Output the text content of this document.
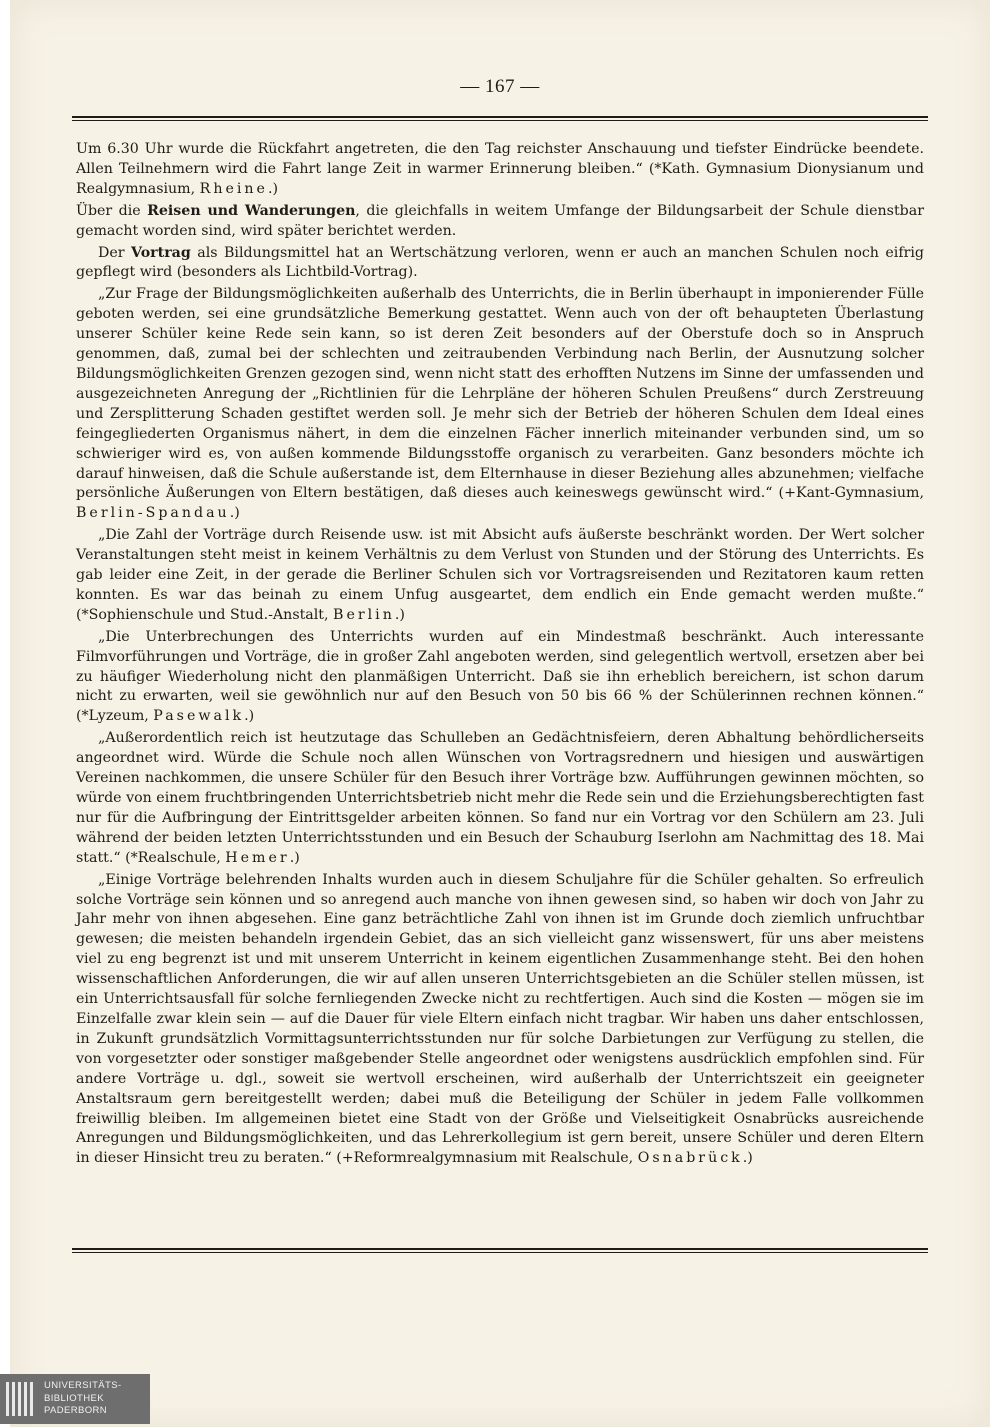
— 167 —

Um 6.30 Uhr wurde die Rückfahrt angetreten, die den Tag reichster Anschauung und tiefster Eindrücke beendete. Allen Teilnehmern wird die Fahrt lange Zeit in warmer Erinnerung bleiben.“ (*Kath. Gymnasium Dionysianum und Realgymnasium, Rheine.)

Über die Reisen und Wanderungen, die gleichfalls in weitem Umfange der Bildungsarbeit der Schule dienstbar gemacht worden sind, wird später berichtet werden.

Der Vortrag als Bildungsmittel hat an Wertschätzung verloren, wenn er auch an manchen Schulen noch eifrig gepflegt wird (besonders als Lichtbild-Vortrag).

„Zur Frage der Bildungsmöglichkeiten außerhalb des Unterrichts, die in Berlin überhaupt in imponierender Fülle geboten werden, sei eine grundsätzliche Bemerkung gestattet. Wenn auch von der oft behaupteten Überlastung unserer Schüler keine Rede sein kann, so ist deren Zeit besonders auf der Oberstufe doch so in Anspruch genommen, daß, zumal bei der schlechten und zeitraubenden Verbindung nach Berlin, der Ausnutzung solcher Bildungsmöglichkeiten Grenzen gezogen sind, wenn nicht statt des erhofften Nutzens im Sinne der umfassenden und ausgezeichneten Anregung der „Richtlinien für die Lehrpläne der höheren Schulen Preußens“ durch Zerstreuung und Zersplitterung Schaden gestiftet werden soll. Je mehr sich der Betrieb der höheren Schulen dem Ideal eines feingegliederten Organismus nähert, in dem die einzelnen Fächer innerlich miteinander verbunden sind, um so schwieriger wird es, von außen kommende Bildungsstoffe organisch zu verarbeiten. Ganz besonders möchte ich darauf hinweisen, daß die Schule außerstande ist, dem Elternhause in dieser Beziehung alles abzunehmen; vielfache persönliche Äußerungen von Eltern bestätigen, daß dieses auch keineswegs gewünscht wird.“ (+Kant-Gymnasium, Berlin-Spandau.)

„Die Zahl der Vorträge durch Reisende usw. ist mit Absicht aufs äußerste beschränkt worden. Der Wert solcher Veranstaltungen steht meist in keinem Verhältnis zu dem Verlust von Stunden und der Störung des Unterrichts. Es gab leider eine Zeit, in der gerade die Berliner Schulen sich vor Vortragsreisenden und Rezitatoren kaum retten konnten. Es war das beinah zu einem Unfug ausgeartet, dem endlich ein Ende gemacht werden mußte.“ (*Sophienschule und Stud.-Anstalt, Berlin.)

„Die Unterbrechungen des Unterrichts wurden auf ein Mindestmaß beschränkt. Auch interessante Filmvorführungen und Vorträge, die in großer Zahl angeboten werden, sind gelegentlich wertvoll, ersetzen aber bei zu häufiger Wiederholung nicht den planmäßigen Unterricht. Daß sie ihn erheblich bereichern, ist schon darum nicht zu erwarten, weil sie gewöhnlich nur auf den Besuch von 50 bis 66 % der Schülerinnen rechnen können.“ (*Lyzeum, Pasewalk.)

„Außerordentlich reich ist heutzutage das Schulleben an Gedächtnisfeiern, deren Abhaltung behördlicherseits angeordnet wird. Würde die Schule noch allen Wünschen von Vortragsrednern und hiesigen und auswärtigen Vereinen nachkommen, die unsere Schüler für den Besuch ihrer Vorträge bzw. Aufführungen gewinnen möchten, so würde von einem fruchtbringenden Unterrichtsbetrieb nicht mehr die Rede sein und die Erziehungsberechtigten fast nur für die Aufbringung der Eintrittsgelder arbeiten können. So fand nur ein Vortrag vor den Schülern am 23. Juli während der beiden letzten Unterrichtsstunden und ein Besuch der Schauburg Iserlohn am Nachmittag des 18. Mai statt.“ (*Realschule, Hemer.)

„Einige Vorträge belehrenden Inhalts wurden auch in diesem Schuljahre für die Schüler gehalten. So erfreulich solche Vorträge sein können und so anregend auch manche von ihnen gewesen sind, so haben wir doch von Jahr zu Jahr mehr von ihnen abgesehen. Eine ganz beträchtliche Zahl von ihnen ist im Grunde doch ziemlich unfruchtbar gewesen; die meisten behandeln irgendein Gebiet, das an sich vielleicht ganz wissenswert, für uns aber meistens viel zu eng begrenzt ist und mit unserem Unterricht in keinem eigentlichen Zusammenhange steht. Bei den hohen wissenschaftlichen Anforderungen, die wir auf allen unseren Unterrichtsgebieten an die Schüler stellen müssen, ist ein Unterrichtsausfall für solche fernliegenden Zwecke nicht zu rechtfertigen. Auch sind die Kosten — mögen sie im Einzelfalle zwar klein sein — auf die Dauer für viele Eltern einfach nicht tragbar. Wir haben uns daher entschlossen, in Zukunft grundsätzlich Vormittagsunterrichtsstunden nur für solche Darbietungen zur Verfügung zu stellen, die von vorgesetzter oder sonstiger maßgebender Stelle angeordnet oder wenigstens ausdrücklich empfohlen sind. Für andere Vorträge u. dgl., soweit sie wertvoll erscheinen, wird außerhalb der Unterrichtszeit ein geeigneter Anstaltsraum gern bereitgestellt werden; dabei muß die Beteiligung der Schüler in jedem Falle vollkommen freiwillig bleiben. Im allgemeinen bietet eine Stadt von der Größe und Vielseitigkeit Osnabrücks ausreichende Anregungen und Bildungsmöglichkeiten, und das Lehrerkollegium ist gern bereit, unsere Schüler und deren Eltern in dieser Hinsicht treu zu beraten.“ (+Reformrealgymnasium mit Realschule, Osnabrück.)

UNIVERSITÄTS-
BIBLIOTHEK
PADERBORN
